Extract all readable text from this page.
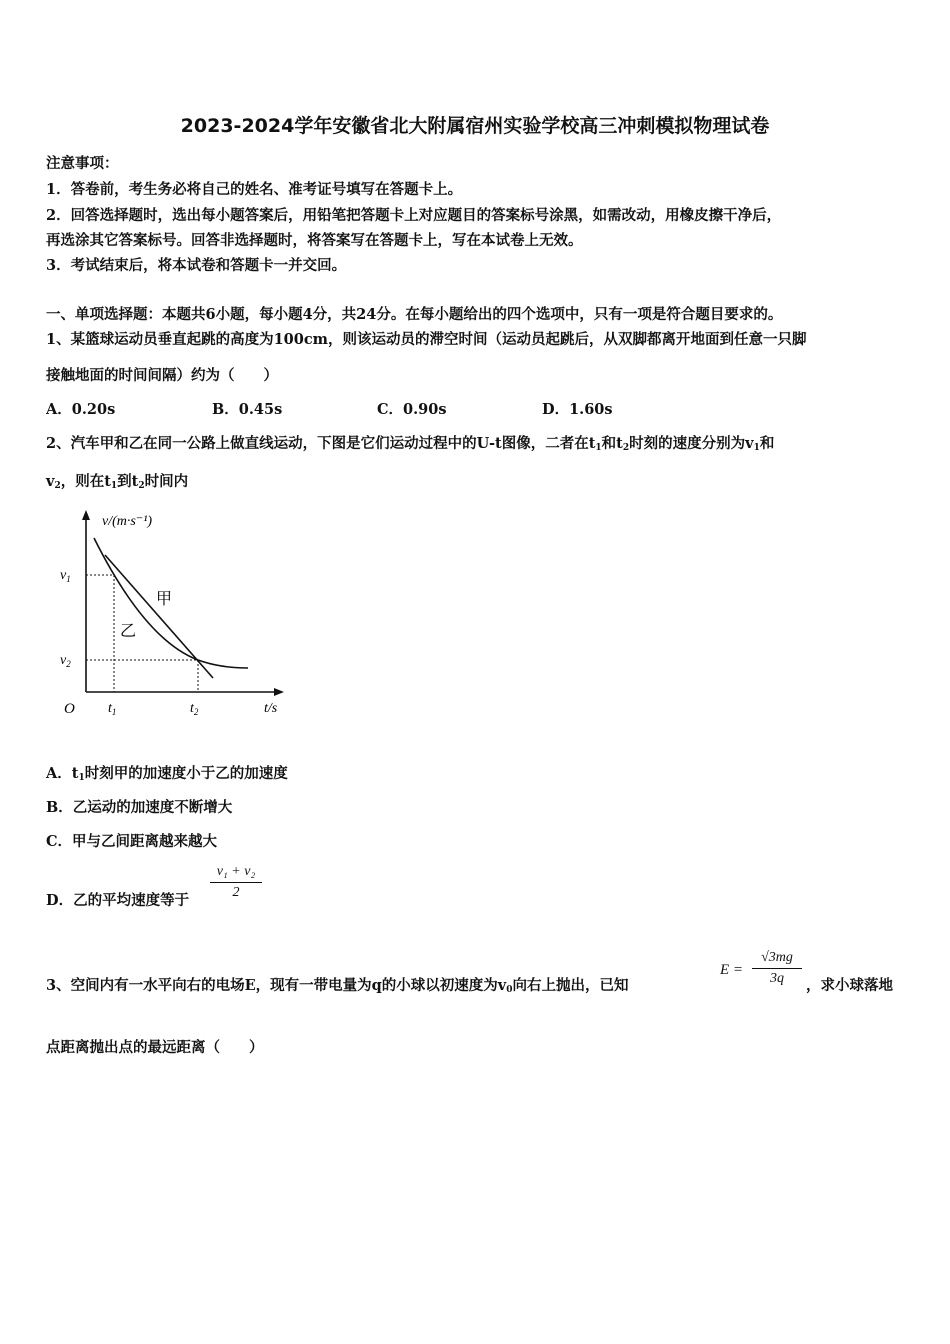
2023-2024学年安徽省北大附属宿州实验学校高三冲刺模拟物理试卷
注意事项：
1．答卷前，考生务必将自己的姓名、准考证号填写在答题卡上。
2．回答选择题时，选出每小题答案后，用铅笔把答题卡上对应题目的答案标号涂黑，如需改动，用橡皮擦干净后，
再选涂其它答案标号。回答非选择题时，将答案写在答题卡上，写在本试卷上无效。
3．考试结束后，将本试卷和答题卡一并交回。
一、单项选择题：本题共6小题，每小题4分，共24分。在每小题给出的四个选项中，只有一项是符合题目要求的。
1、某篮球运动员垂直起跳的高度为100cm，则该运动员的滞空时间（运动员起跳后，从双脚都离开地面到任意一只脚
接触地面的时间间隔）约为（　　）
A．0.20s	B．0.45s	C．0.90s	D．1.60s
2、汽车甲和乙在同一公路上做直线运动，下图是它们运动过程中的U-t图像，二者在$t_1$和$t_2$时刻的速度分别为$v_1$和
$v_2$，则在$t_1$到$t_2$时间内
v/(m·s⁻¹)
$v_1$
$v_2$
O $t_1$	$t_2$	t/s
甲
乙
A．$t_1$时刻甲的加速度小于乙的加速度
B．乙运动的加速度不断增大
C．甲与乙间距离越来越大
D．乙的平均速度等于
v₁ + v₂
2
3、空间内有一水平向右的电场E，现有一带电量为q的小球以初速度为$v_0$向右上抛出，已知
E =
√3mg
3q	，求小球落地
点距离抛出点的最远距离（　　）
